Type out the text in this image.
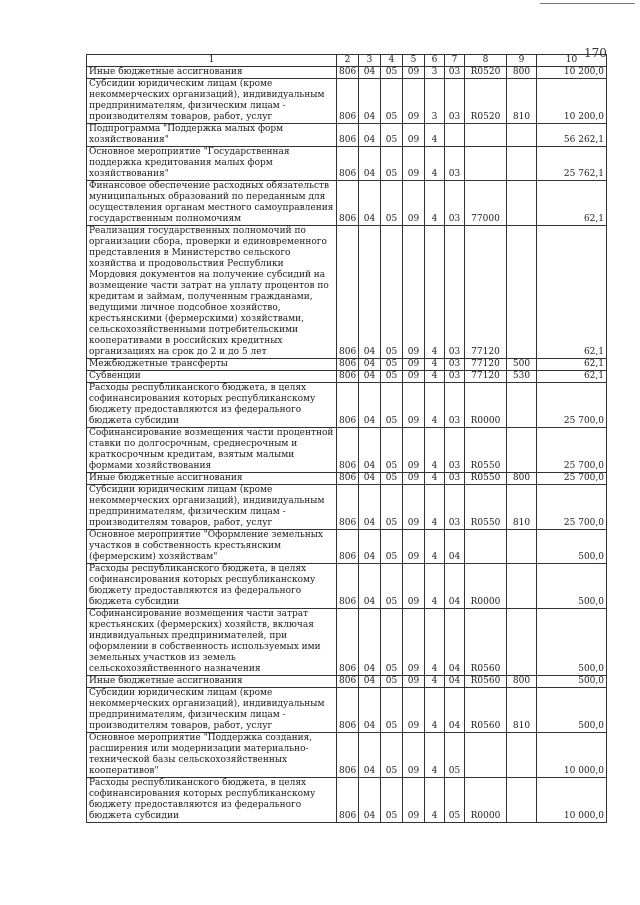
170
1	2	3	4	5	6	7	8	9	10
Иные бюджетные ассигнования	806	04	05	09	3	03	R0520	800	10 200,0
Субсидии юридическим лицам (кроме некоммерческих организаций), индивидуальным предпринимателям, физическим лицам - производителям товаров, работ, услуг	806	04	05	09	3	03	R0520	810	10 200,0
Подпрограмма "Поддержка малых форм хозяйствования"	806	04	05	09	4				56 262,1
Основное мероприятие "Государственная поддержка кредитования малых форм хозяйствования"	806	04	05	09	4	03			25 762,1
Финансовое обеспечение расходных обязательств муниципальных образований по переданным для осуществления органам местного самоуправления государственным полномочиям	806	04	05	09	4	03	77000		62,1
Реализация государственных полномочий по организации сбора, проверки и единовременного представления в Министерство сельского хозяйства и продовольствия Республики Мордовия документов на получение субсидий на возмещение части затрат на уплату процентов по кредитам и займам, полученным гражданами, ведущими личное подсобное хозяйство, крестьянскими (фермерскими) хозяйствами, сельскохозяйственными потребительскими кооперативами в российских кредитных организациях на срок до 2 и до 5 лет	806	04	05	09	4	03	77120		62,1
Межбюджетные трансферты	806	04	05	09	4	03	77120	500	62,1
Субвенции	806	04	05	09	4	03	77120	530	62,1
Расходы республиканского бюджета, в целях софинансирования которых республиканскому бюджету предоставляются из федерального бюджета субсидии	806	04	05	09	4	03	R0000		25 700,0
Софинансирование возмещения части процентной ставки по долгосрочным, среднесрочным и краткосрочным кредитам, взятым малыми формами хозяйствования	806	04	05	09	4	03	R0550		25 700,0
Иные бюджетные ассигнования	806	04	05	09	4	03	R0550	800	25 700,0
Субсидии юридическим лицам (кроме некоммерческих организаций), индивидуальным предпринимателям, физическим лицам - производителям товаров, работ, услуг	806	04	05	09	4	03	R0550	810	25 700,0
Основное мероприятие "Оформление земельных участков в собственность крестьянским (фермерским) хозяйствам"	806	04	05	09	4	04			500,0
Расходы республиканского бюджета, в целях софинансирования которых республиканскому бюджету предоставляются из федерального бюджета субсидии	806	04	05	09	4	04	R0000		500,0
Софинансирование возмещения части затрат крестьянских (фермерских) хозяйств, включая индивидуальных предпринимателей, при оформлении в собственность используемых ими земельных участков из земель сельскохозяйственного назначения	806	04	05	09	4	04	R0560		500,0
Иные бюджетные ассигнования	806	04	05	09	4	04	R0560	800	500,0
Субсидии юридическим лицам (кроме некоммерческих организаций), индивидуальным предпринимателям, физическим лицам - производителям товаров, работ, услуг	806	04	05	09	4	04	R0560	810	500,0
Основное мероприятие "Поддержка создания, расширения или модернизации материально-технической базы сельскохозяйственных кооперативов"	806	04	05	09	4	05			10 000,0
Расходы республиканского бюджета, в целях софинансирования которых республиканскому бюджету предоставляются из федерального бюджета субсидии	806	04	05	09	4	05	R0000		10 000,0
